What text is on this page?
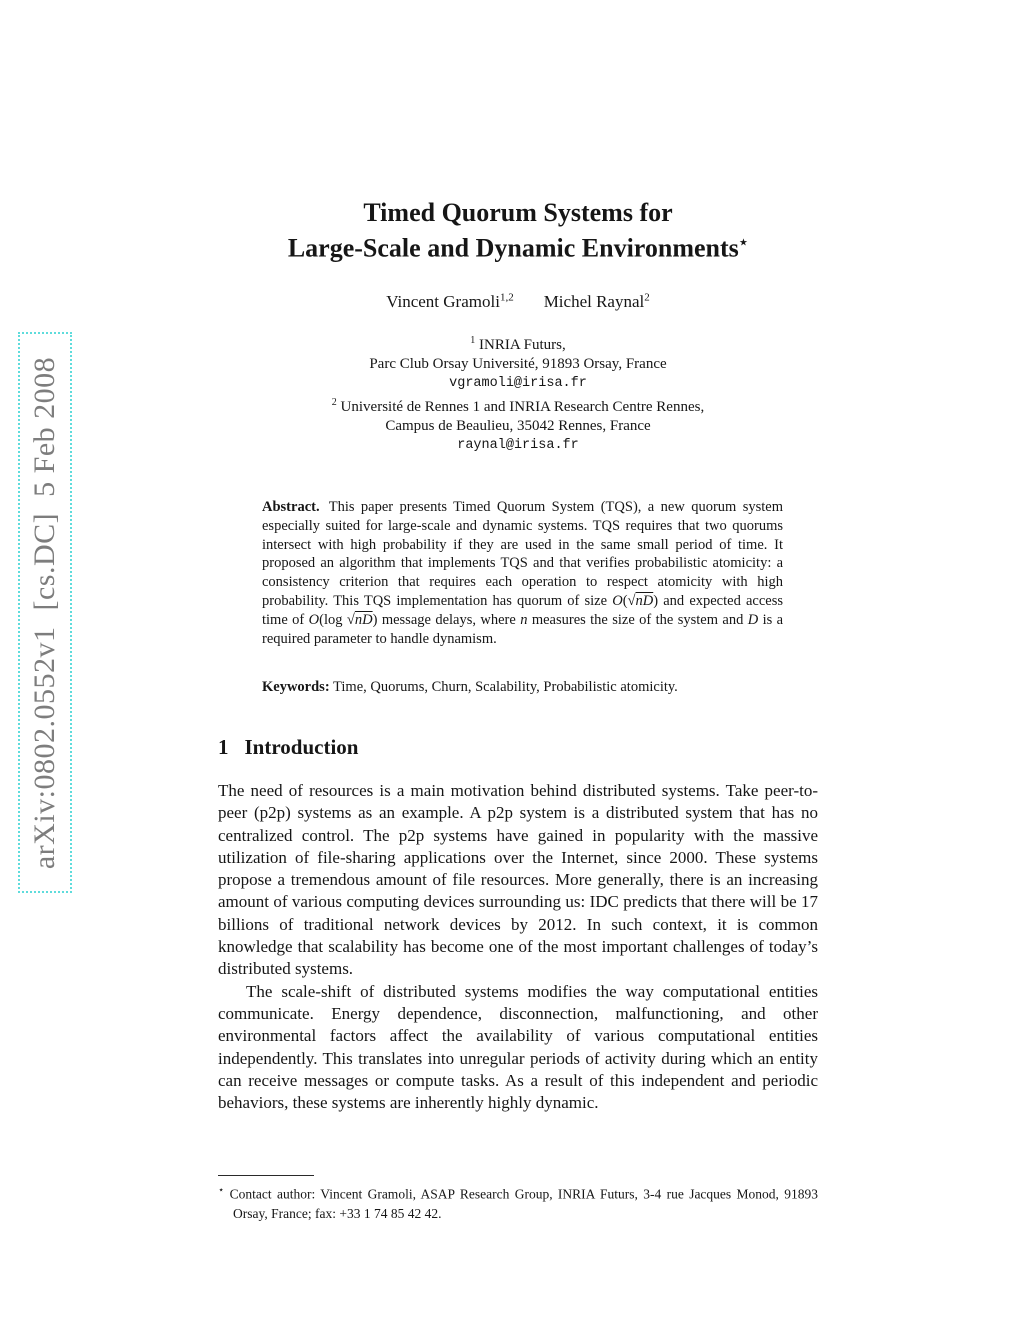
arXiv:0802.0552v1  [cs.DC]  5 Feb 2008
Timed Quorum Systems for
Large-Scale and Dynamic Environments⋆
Vincent Gramoli$^{1,2}$ Michel Raynal$^2$
$^1$ INRIA Futurs,
Parc Club Orsay Université, 91893 Orsay, France
vgramoli@irisa.fr
$^2$ Université de Rennes 1 and INRIA Research Centre Rennes,
Campus de Beaulieu, 35042 Rennes, France
raynal@irisa.fr

Abstract. This paper presents Timed Quorum System (TQS), a new quorum system especially suited for large-scale and dynamic systems. TQS requires that two quorums intersect with high probability if they are used in the same small period of time. It proposed an algorithm that implements TQS and that verifies probabilistic atomicity: a consistency criterion that requires each operation to respect atomicity with high probability. This TQS implementation has quorum of size O(√nD) and expected access time of O(log √nD) message delays, where n measures the size of the system and D is a required parameter to handle dynamism.

Keywords: Time, Quorums, Churn, Scalability, Probabilistic atomicity.

1 Introduction

The need of resources is a main motivation behind distributed systems. Take peer-to-peer (p2p) systems as an example. A p2p system is a distributed system that has no centralized control. The p2p systems have gained in popularity with the massive utilization of file-sharing applications over the Internet, since 2000. These systems propose a tremendous amount of file resources. More generally, there is an increasing amount of various computing devices surrounding us: IDC predicts that there will be 17 billions of traditional network devices by 2012. In such context, it is common knowledge that scalability has become one of the most important challenges of today’s distributed systems.

The scale-shift of distributed systems modifies the way computational entities communicate. Energy dependence, disconnection, malfunctioning, and other environmental factors affect the availability of various computational entities independently. This translates into unregular periods of activity during which an entity can receive messages or compute tasks. As a result of this independent and periodic behaviors, these systems are inherently highly dynamic.

⋆ Contact author: Vincent Gramoli, ASAP Research Group, INRIA Futurs, 3-4 rue Jacques Monod, 91893 Orsay, France; fax: +33 1 74 85 42 42.
